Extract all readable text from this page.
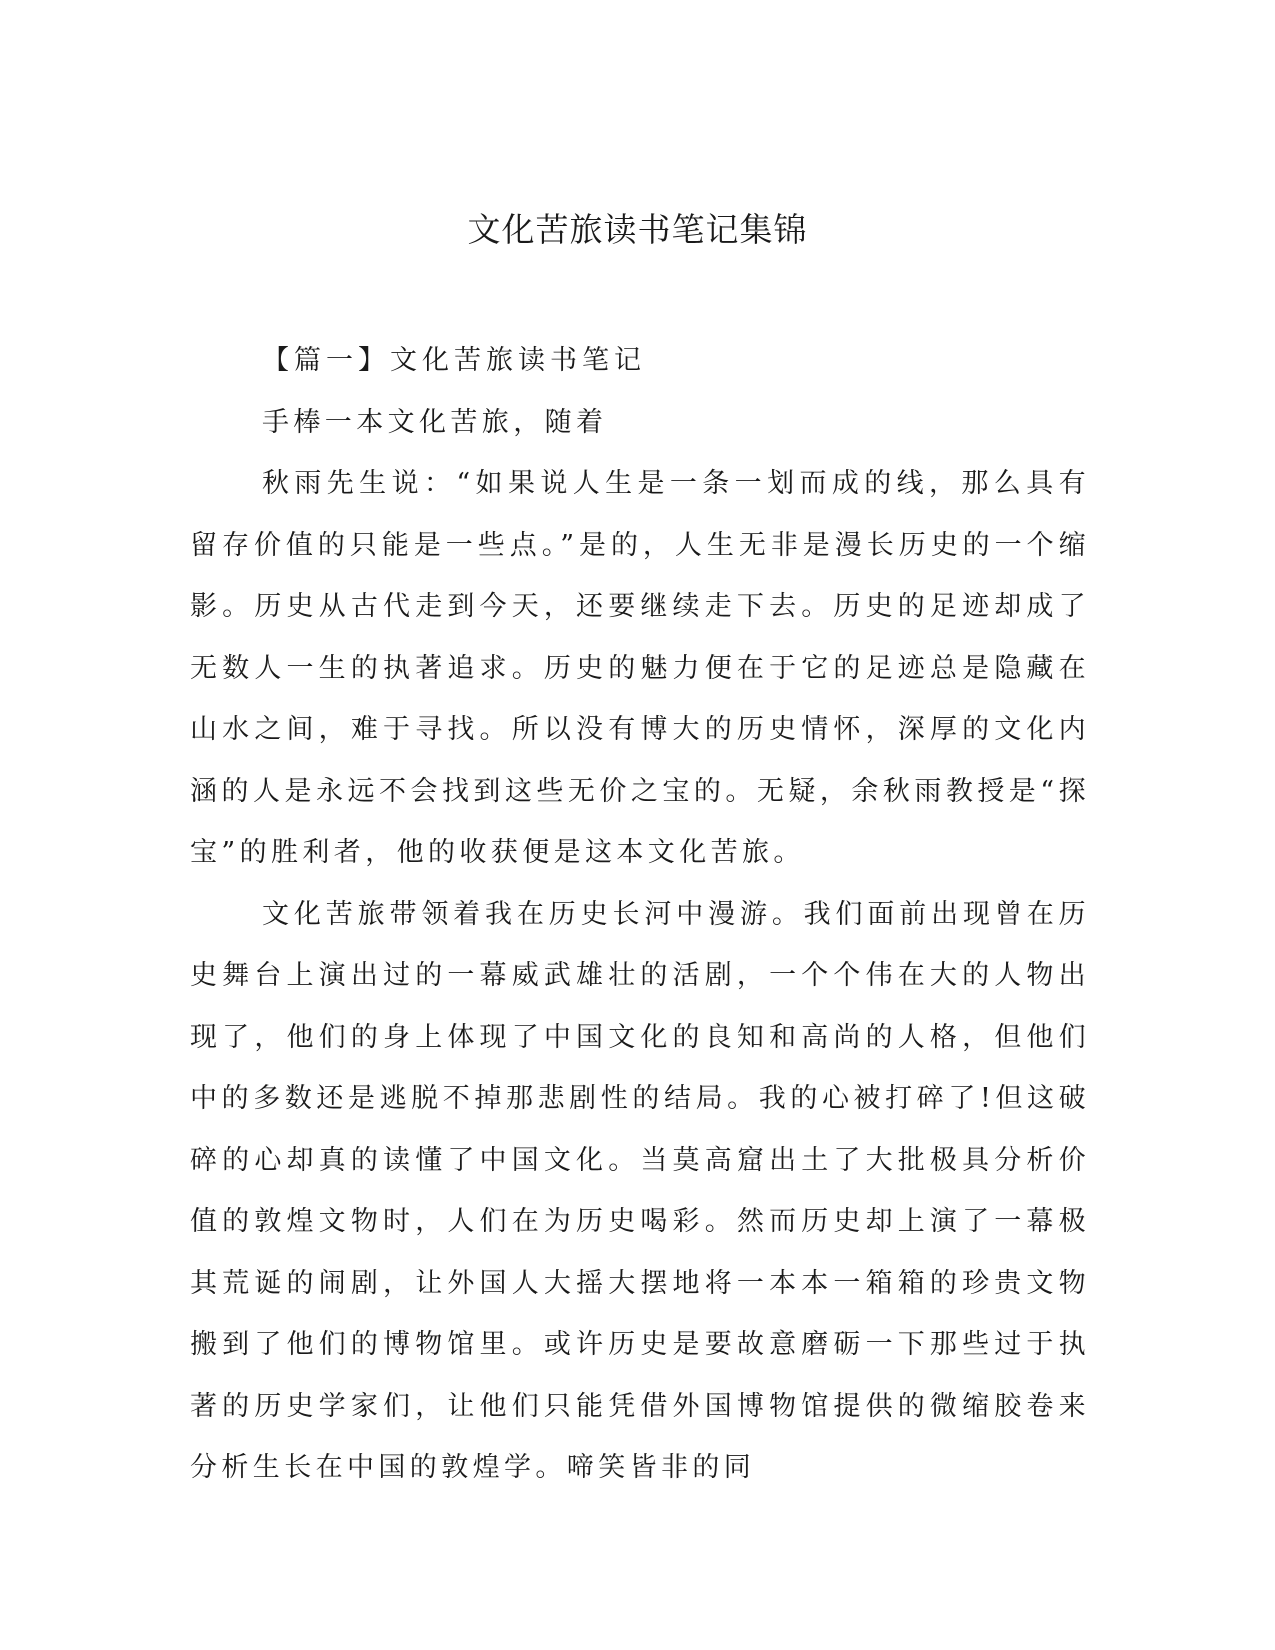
文化苦旅读书笔记集锦

【篇一】文化苦旅读书笔记

手棒一本文化苦旅，随着

秋雨先生说：“如果说人生是一条一划而成的线，那么具有留存价值的只能是一些点。”是的，人生无非是漫长历史的一个缩影。历史从古代走到今天，还要继续走下去。历史的足迹却成了无数人一生的执著追求。历史的魅力便在于它的足迹总是隐藏在山水之间，难于寻找。所以没有博大的历史情怀，深厚的文化内涵的人是永远不会找到这些无价之宝的。无疑，余秋雨教授是“探宝”的胜利者，他的收获便是这本文化苦旅。

文化苦旅带领着我在历史长河中漫游。我们面前出现曾在历史舞台上演出过的一幕威武雄壮的活剧，一个个伟在大的人物出现了，他们的身上体现了中国文化的良知和高尚的人格，但他们中的多数还是逃脱不掉那悲剧性的结局。我的心被打碎了!但这破碎的心却真的读懂了中国文化。当莫高窟出土了大批极具分析价值的敦煌文物时，人们在为历史喝彩。然而历史却上演了一幕极其荒诞的闹剧，让外国人大摇大摆地将一本本一箱箱的珍贵文物搬到了他们的博物馆里。或许历史是要故意磨砺一下那些过于执著的历史学家们，让他们只能凭借外国博物馆提供的微缩胶卷来分析生长在中国的敦煌学。啼笑皆非的同
